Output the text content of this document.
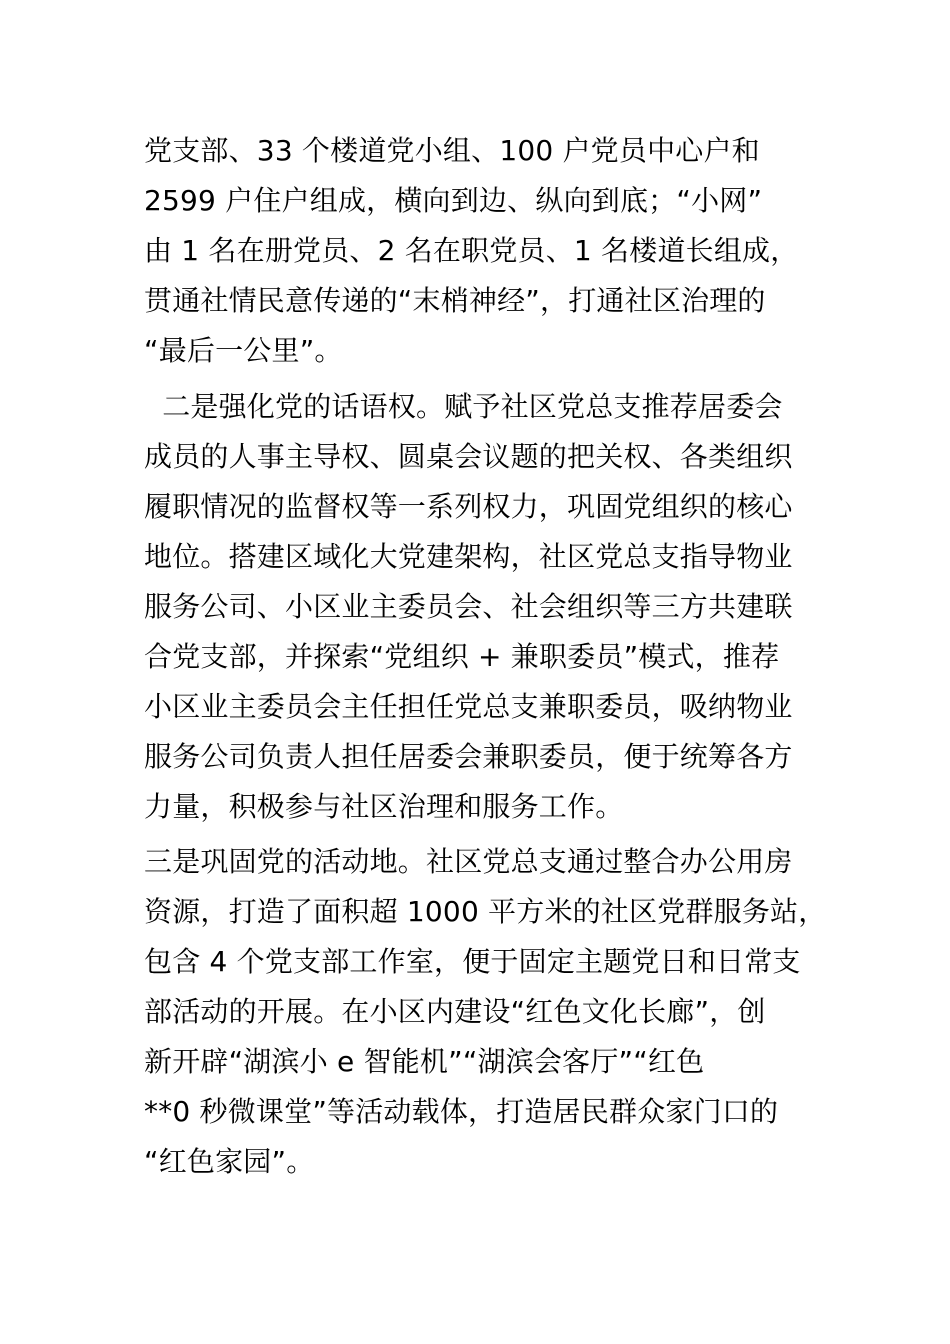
党支部、33 个楼道党小组、100 户党员中心户和
2599 户住户组成，横向到边、纵向到底；“小网”
由 1 名在册党员、2 名在职党员、1 名楼道长组成，
贯通社情民意传递的“末梢神经”，打通社区治理的
“最后一公里”。
二是强化党的话语权。赋予社区党总支推荐居委会
成员的人事主导权、圆桌会议题的把关权、各类组织
履职情况的监督权等一系列权力，巩固党组织的核心
地位。搭建区域化大党建架构，社区党总支指导物业
服务公司、小区业主委员会、社会组织等三方共建联
合党支部，并探索“党组织 + 兼职委员”模式，推荐
小区业主委员会主任担任党总支兼职委员，吸纳物业
服务公司负责人担任居委会兼职委员，便于统筹各方
力量，积极参与社区治理和服务工作。
三是巩固党的活动地。社区党总支通过整合办公用房
资源，打造了面积超 1000 平方米的社区党群服务站，
包含 4 个党支部工作室，便于固定主题党日和日常支
部活动的开展。在小区内建设“红色文化长廊”，创
新开辟“湖滨小 e 智能机”“湖滨会客厅”“红色
**0 秒微课堂”等活动载体，打造居民群众家门口的
“红色家园”。
